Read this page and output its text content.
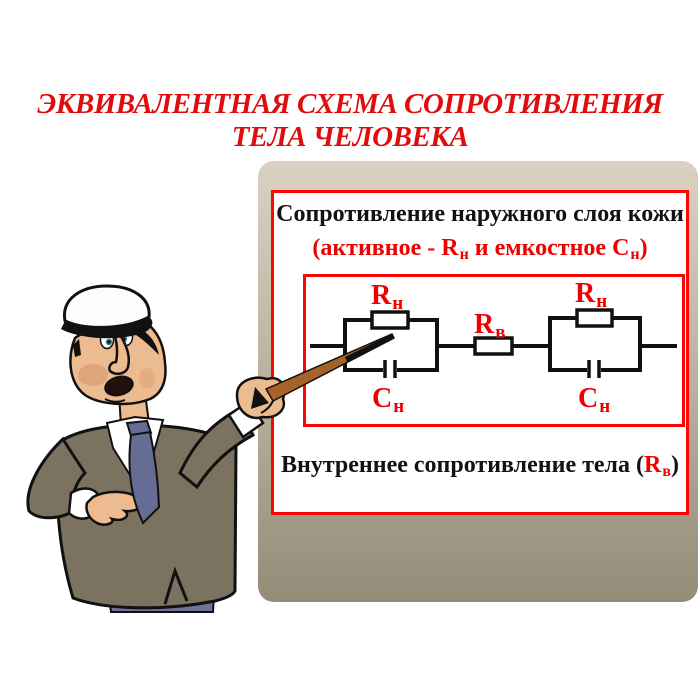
ЭКВИВАЛЕНТНАЯ СХЕМА СОПРОТИВЛЕНИЯ
ТЕЛА ЧЕЛОВЕКА
Сопротивление наружного слоя кожи
(активное - Rн и емкостное Сн)
Rн
Cн
Rв
Rн
Cн
Внутреннее сопротивление тела (Rв)
